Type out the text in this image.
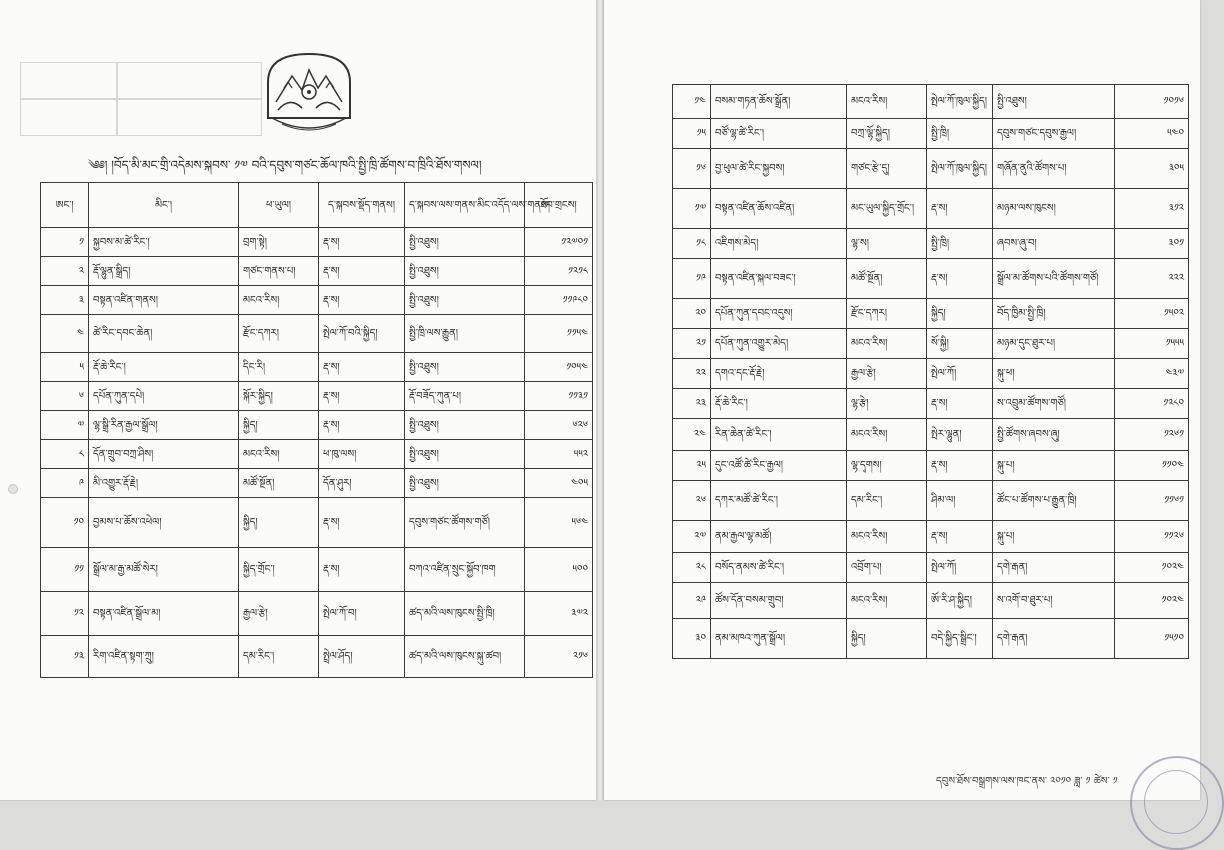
༄༅། །བོད་མི་མང་གྲི་འདེམས་སྐབས་ ༡༧ བའི་དབུས་གཙང་ཆོལ་ཁའི་སྤྱི་ཁྲི་ཚོགས་བ་ཁྲིའི་ཐོས་གསལ།
ཨང་།	མིང་།	ཕ་ཡུལ།	ད་སྐབས་སྡོད་གནས།	ད་སྐབས་ལས་གནས་མིང་འདོད་ལས་གནས།	ཐོབ་གྲངས།
༡	སྐྱབས་མ་ཚེ་རིང་།	བྲག་སྟེ།	རྡ་ས།	སྤྱི་འཐུས།	༡༢༧༠༡
༢	རྡོ་ལྷུན་སྒྲིད།	གཙང་གནས་པ།	རྡ་ས།	སྤྱི་འཐུས།	༡༢༡༨
༣	བསྟན་འཛིན་གནས།	མངའ་རིས།	རྡ་ས།	སྤྱི་འཐུས།	༡༡༩༨༠
༤	ཚེ་རིང་དབང་ཆེན།	རྫོང་དཀར།	སྤེལ་ཀོ་བའི་སྐྱིད།	སྤྱི་ཁྲི་ལས་རྒྱུན།	༡༡༥༤
༥	རྡོ་ཆེ་རིང་།	དིང་རི།	རྡ་ས།	སྤྱི་འཐུས།	༡༠༥༤
༦	དཔོན་ཀུན་དཔེ།	སྐོར་སྐྱིད།	རྡ་ས།	རྡོ་བཟོད་ཀུན་པ།	༡༡༣༡
༧	ལྷ་སྒྲི་རིན་རྒྱལ་སྒྲོལ།	སྐྱིད།	རྡ་ས།	སྤྱི་འཐུས།	༦༢༦
༨	དོན་གྲུབ་བཀྲ་ཤིས།	མངའ་རིས།	ཕ་ཁུ་ལས།	སྤྱི་འཐུས།	༥༥༢
༩	མི་འགྱུར་རྡོ་རྗེ།	མཚོ་སྔོན།	དོན་ཤུར།	སྤྱི་འཐུས།	༤༠༥
༡༠	བྱམས་པ་ཆོས་འཕེལ།	སྐྱིད།	རྡ་ས།	དབུས་གཙང་ཚོགས་གཙོ།	༥༦༤
༡༡	སྒྲོལ་མ་རྒྱ་མཚོ་སེར།	སྐྱིད་གྲོང་།	རྡ་ས།	བཀའ་འཛིན་སྲུང་སྐྱོབ་ཁག	༥༠༠
༡༢	བསྟན་འཛིན་སྒྲོལ་མ།	རྒྱལ་རྩེ།	སྤེལ་ཀོ་བ།	ཚད་མའི་ལས་ཁུངས་སྤྱི་ཁྲི།	༣༧༢
༡༣	རིག་འཛིན་སྟག་ཀྲུ།	དམ་རིང་།	སྤྲེལ་ཤོད།	ཚད་མའི་ལས་ཁུངས་སྐུ་ཚབ།	༢༡༦
༡༤	བསམ་གཏན་ཆོས་སྒྲོན།	མངའ་རིས།	སྤེལ་ཀོ་ཁུལ་སྐྱིད།	སྤྱི་འཐུས།	༡༠༡༦
༡༥	བཙོ་ལྷ་ཚེ་རིང་།	བཀྲ་ལྷོ་སྐྱིད།	སྤྱི་ཁྲི།	དབུས་གཙང་དབུས་རྒྱལ།	༥༤༠
༡༦	བྱ་ཕུལ་ཚེ་རིང་སྐྱབས།	གཙང་རྩེ་དུ།	སྤེལ་ཀོ་ཁུལ་སྐྱིད།	གཞོན་ནུའི་ཚོགས་པ།	༣༠༥
༡༧	བསྟན་འཛིན་ཆོས་འཛིན།	མང་ཡུལ་སྐྱིད་གྲོང་།	རྡ་ས།	མཉམ་ལས་ཁུངས།	༣༡༢
༡༨	འཇིགས་མེད།	ལྷ་ས།	སྤྱི་ཁྲི།	ཞབས་ཞུ་བ།	༣༠༡
༡༩	བསྟན་འཛིན་སྐལ་བཟང་།	མཚོ་སྔོན།	རྡ་ས།	སྒྲོལ་མ་ཚོགས་པའི་ཚོགས་གཙོ།	༢༢༢
༢༠	དཔོན་ཀུན་དབང་འདུས།	རྫོང་དཀར།	སྐྱིད།	བོད་ཁྱིམ་སྤྱི་ཁྲི།	༡༥༠༢
༢༡	དཔོན་ཀུན་འགྱུར་མེད།	མངའ་རིས།	སོ་སྐྱི།	མཉམ་དུང་ཐུར་པ།	༡༥༥༥
༢༢	དགའ་དང་རྡོ་རྗེ།	རྒྱལ་རྩེ།	སྤེལ་ཀོ།	སྐུ་ཕ།	༤༣༧
༢༣	རྡོ་ཆེ་རིང་།	ལྷ་རྩེ།	རྡ་ས།	ས་འབྲུམ་ཚོགས་གཙོ།	༡༢༨༠
༢༤	རིན་ཆེན་ཚེ་རིང་།	མངའ་རིས།	སྤེར་ལྷུན།	སྤྱི་ཚོགས་ཞབས་ཞུ།	༡༢༦༡
༢༥	དུང་འཚོ་ཚེ་རིང་རྒྱལ།	ལྷ་དྭགས།	རྡ་ས།	སྐུ་པ།	༡༡༠༤
༢༦	དཀར་མཚོ་ཚེ་རིང་།	དམ་རིང་།	ཤིམ་ལ།	ཚོང་པ་ཚོགས་པ་རྒྱུན་ཁྲི།	༡༡༦༡
༢༧	ནམ་རྒྱལ་ལྷ་མཚོ།	མངའ་རིས།	རྡ་ས།	སྐུ་པ།	༡༡༢༦
༢༨	བསོད་ནམས་ཚེ་རིང་།	འབྲོག་པ།	སྤེལ་ཀོ།	དགེ་རྒན།	༡༠༢༤
༢༩	ཚོས་དོན་བསམ་གྲུབ།	མངའ་རིས།	ཨོ་རི་ཤ་སྐྱིད།	ས་འགོ་བ་ཐུར་པ།	༡༠༢༤
༣༠	ནམ་མཁའ་ཀུན་སྒྲོལ།	སྐྱིད།	བདེ་སྐྱིད་སྒྲིང་།	དགེ་རྒན།	༡༥༡༠
དབུས་ཐོས་བསྒྲགས་ལས་ཁང་ནས་ ༢༠༡༠ ཟླ་ ༡ ཚེས་ ༡
